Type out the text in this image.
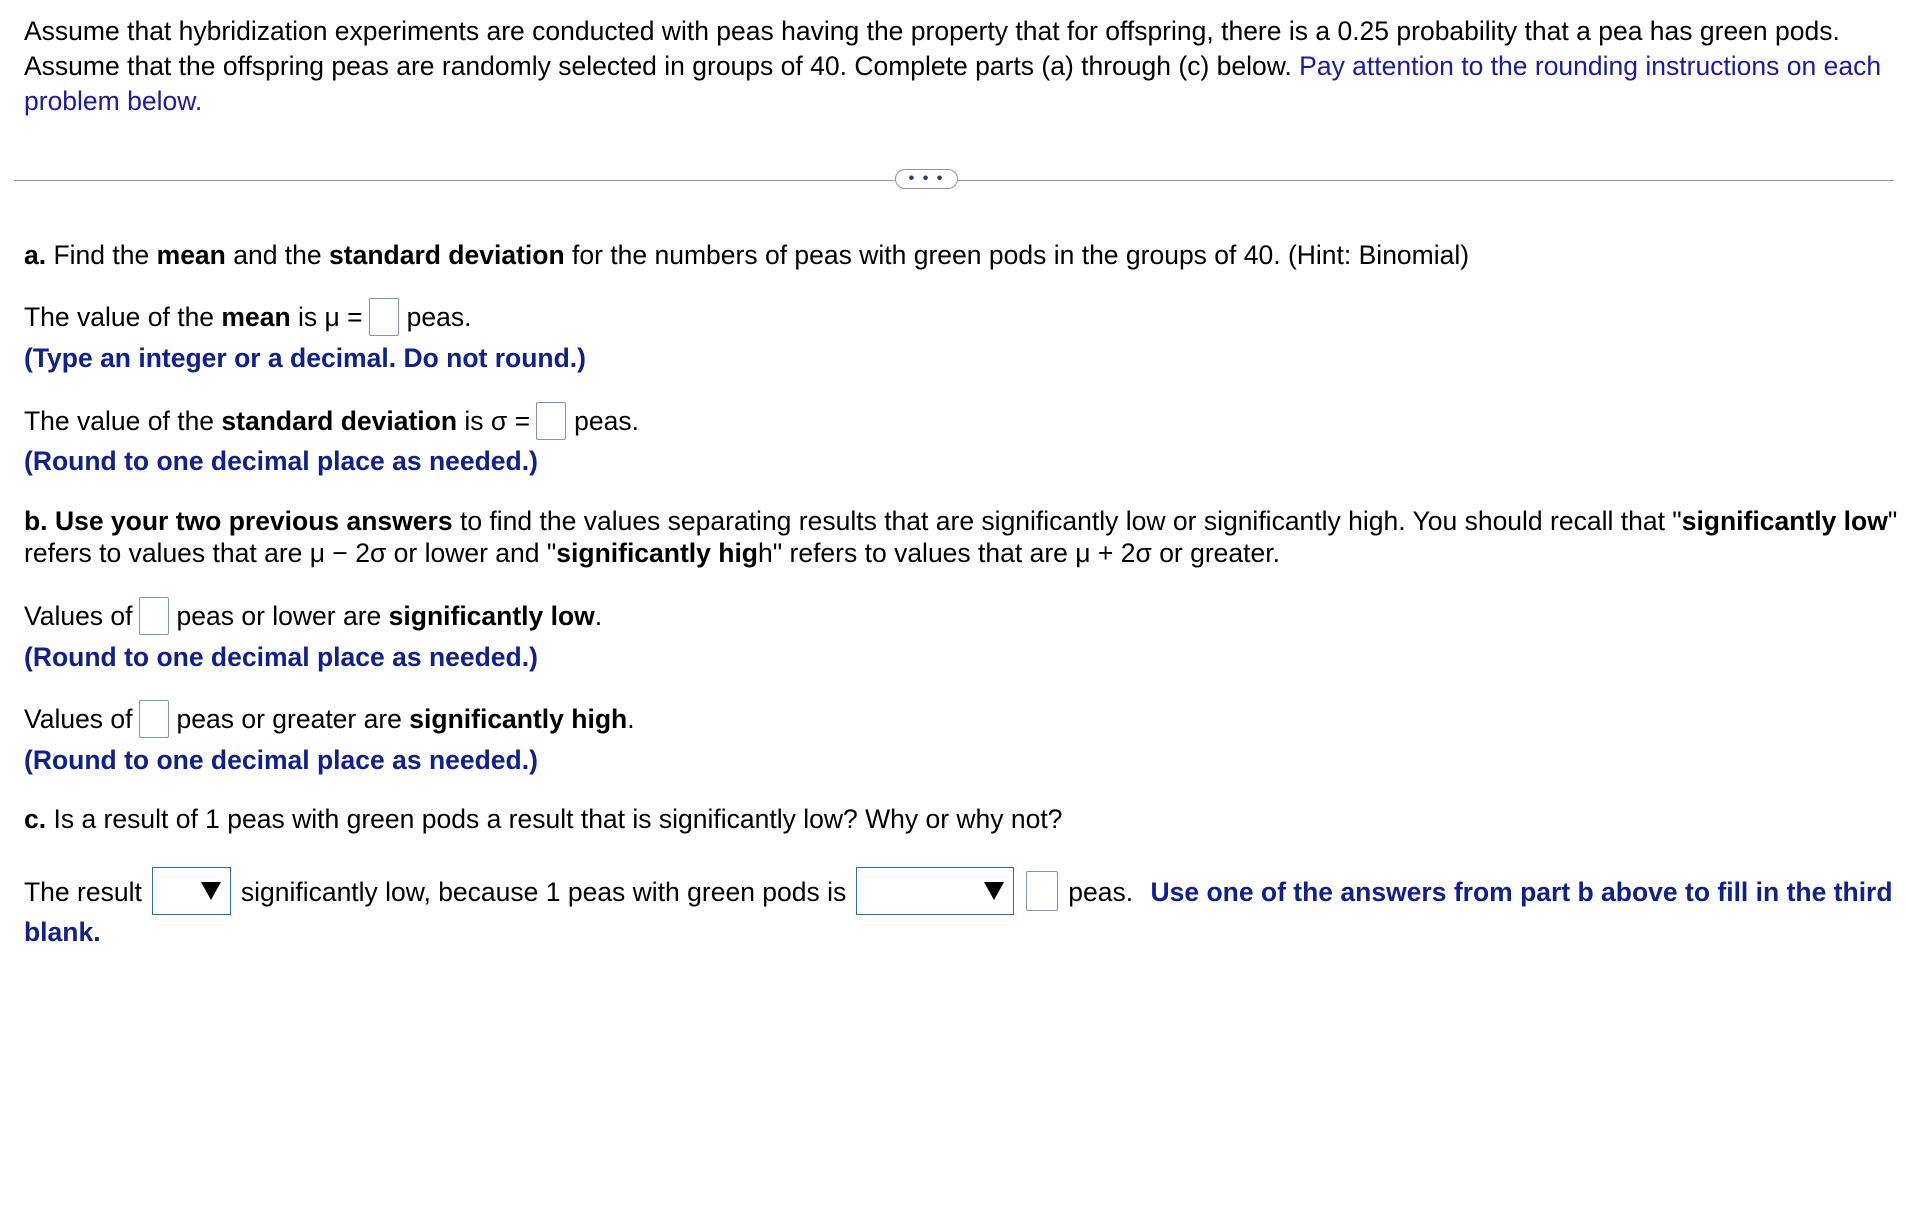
Assume that hybridization experiments are conducted with peas having the property that for offspring, there is a 0.25 probability that a pea has green pods. Assume that the offspring peas are randomly selected in groups of 40. Complete parts (a) through (c) below. Pay attention to the rounding instructions on each problem below.
• • •
a. Find the mean and the standard deviation for the numbers of peas with green pods in the groups of 40. (Hint: Binomial)
The value of the mean is μ = peas.
(Type an integer or a decimal. Do not round.)
The value of the standard deviation is σ = peas.
(Round to one decimal place as needed.)
b. Use your two previous answers to find the values separating results that are significantly low or significantly high. You should recall that "significantly low"
refers to values that are μ − 2σ or lower and "significantly high" refers to values that are μ + 2σ or greater.
Values of peas or lower are significantly low.
(Round to one decimal place as needed.)
Values of peas or greater are significantly high.
(Round to one decimal place as needed.)
c. Is a result of 1 peas with green pods a result that is significantly low? Why or why not?
The result	significantly low, because 1 peas with green pods is	peas. Use one of the answers from part b above to fill in the third
blank.
